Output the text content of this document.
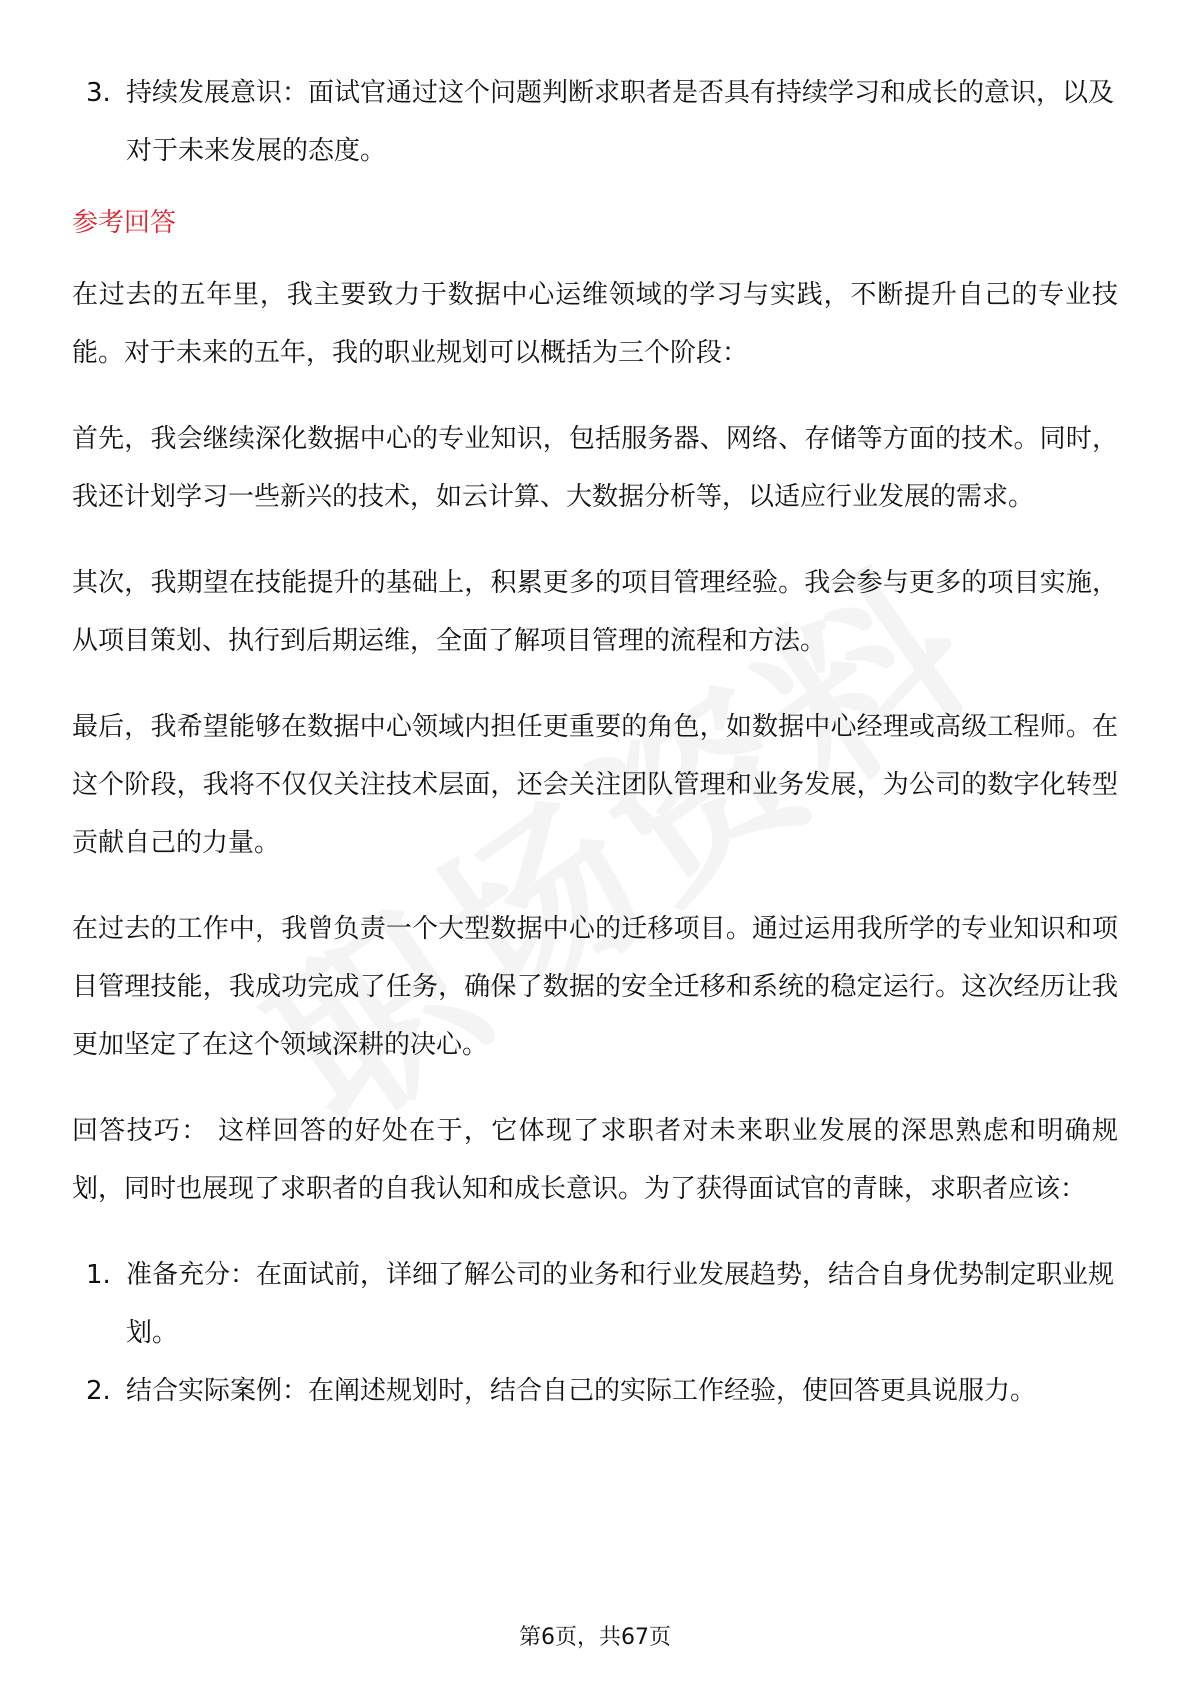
3. 持续发展意识：面试官通过这个问题判断求职者是否具有持续学习和成长的意识，以及对于未来发展的态度。
参考回答

在过去的五年里，我主要致力于数据中心运维领域的学习与实践，不断提升自己的专业技能。对于未来的五年，我的职业规划可以概括为三个阶段：

首先，我会继续深化数据中心的专业知识，包括服务器、网络、存储等方面的技术。同时，我还计划学习一些新兴的技术，如云计算、大数据分析等，以适应行业发展的需求。

其次，我期望在技能提升的基础上，积累更多的项目管理经验。我会参与更多的项目实施，从项目策划、执行到后期运维，全面了解项目管理的流程和方法。

最后，我希望能够在数据中心领域内担任更重要的角色，如数据中心经理或高级工程师。在这个阶段，我将不仅仅关注技术层面，还会关注团队管理和业务发展，为公司的数字化转型贡献自己的力量。

在过去的工作中，我曾负责一个大型数据中心的迁移项目。通过运用我所学的专业知识和项目管理技能，我成功完成了任务，确保了数据的安全迁移和系统的稳定运行。这次经历让我更加坚定了在这个领域深耕的决心。

回答技巧： 这样回答的好处在于，它体现了求职者对未来职业发展的深思熟虑和明确规划，同时也展现了求职者的自我认知和成长意识。为了获得面试官的青睐，求职者应该：

1. 准备充分：在面试前，详细了解公司的业务和行业发展趋势，结合自身优势制定职业规划。
2. 结合实际案例：在阐述规划时，结合自己的实际工作经验，使回答更具说服力。
第6页，共67页
